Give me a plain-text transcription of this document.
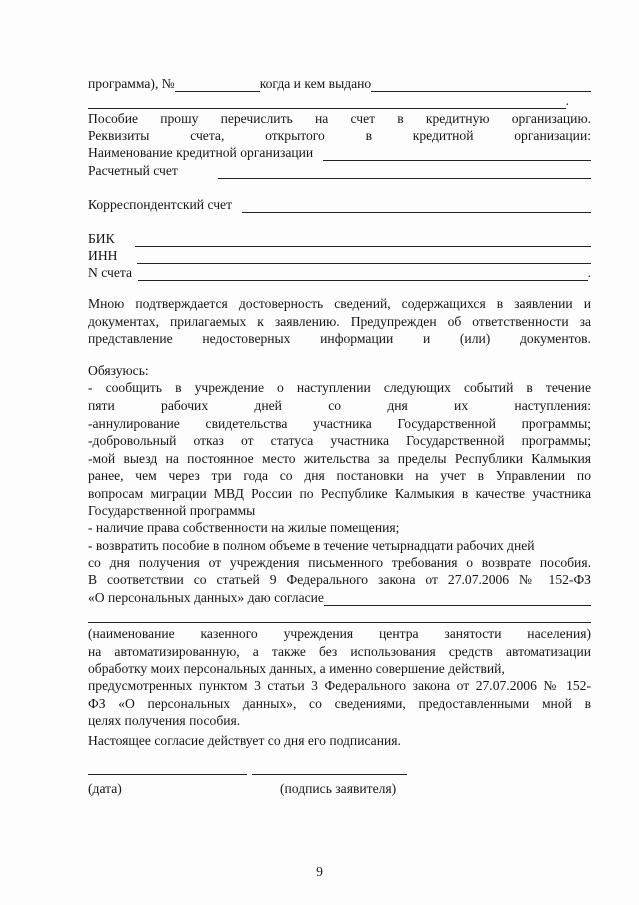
программа), №	когда и кем выдано
.
Пособие прошу перечислить на счет в кредитную организацию.
Реквизиты счета, открытого в кредитной организации:
Наименование кредитной организации
Расчетный счет
Корреспондентский счет
БИК
ИНН
N счета	.
Мною подтверждается достоверность сведений, содержащихся в заявлении и
документах, прилагаемых к заявлению. Предупрежден об ответственности за
представление недостоверных информации и (или) документов.
Обязуюсь:
- сообщить в учреждение о наступлении следующих событий в течение
пяти рабочих дней со дня их наступления:
-аннулирование свидетельства участника Государственной программы;
-добровольный отказ от статуса участника Государственной программы;
-мой выезд на постоянное место жительства за пределы Республики Калмыкия
ранее, чем через три года со дня постановки на учет в Управлении по
вопросам миграции МВД России по Республике Калмыкия в качестве участника
Государственной программы
- наличие права собственности на жилые помещения;
- возвратить пособие в полном объеме в течение четырнадцати рабочих дней
со дня получения от учреждения письменного требования о возврате пособия.
В соответствии со статьей 9 Федерального закона от 27.07.2006 № 152-ФЗ
«О персональных данных» даю согласие
(наименование казенного учреждения центра занятости населения)
на автоматизированную, а также без использования средств автоматизации
обработку моих персональных данных, а именно совершение действий,
предусмотренных пунктом 3 статьи 3 Федерального закона от 27.07.2006 № 152-
ФЗ «О персональных данных», со сведениями, предоставленными мной в
целях получения пособия.
Настоящее согласие действует со дня его подписания.
(дата)	(подпись заявителя)
9
